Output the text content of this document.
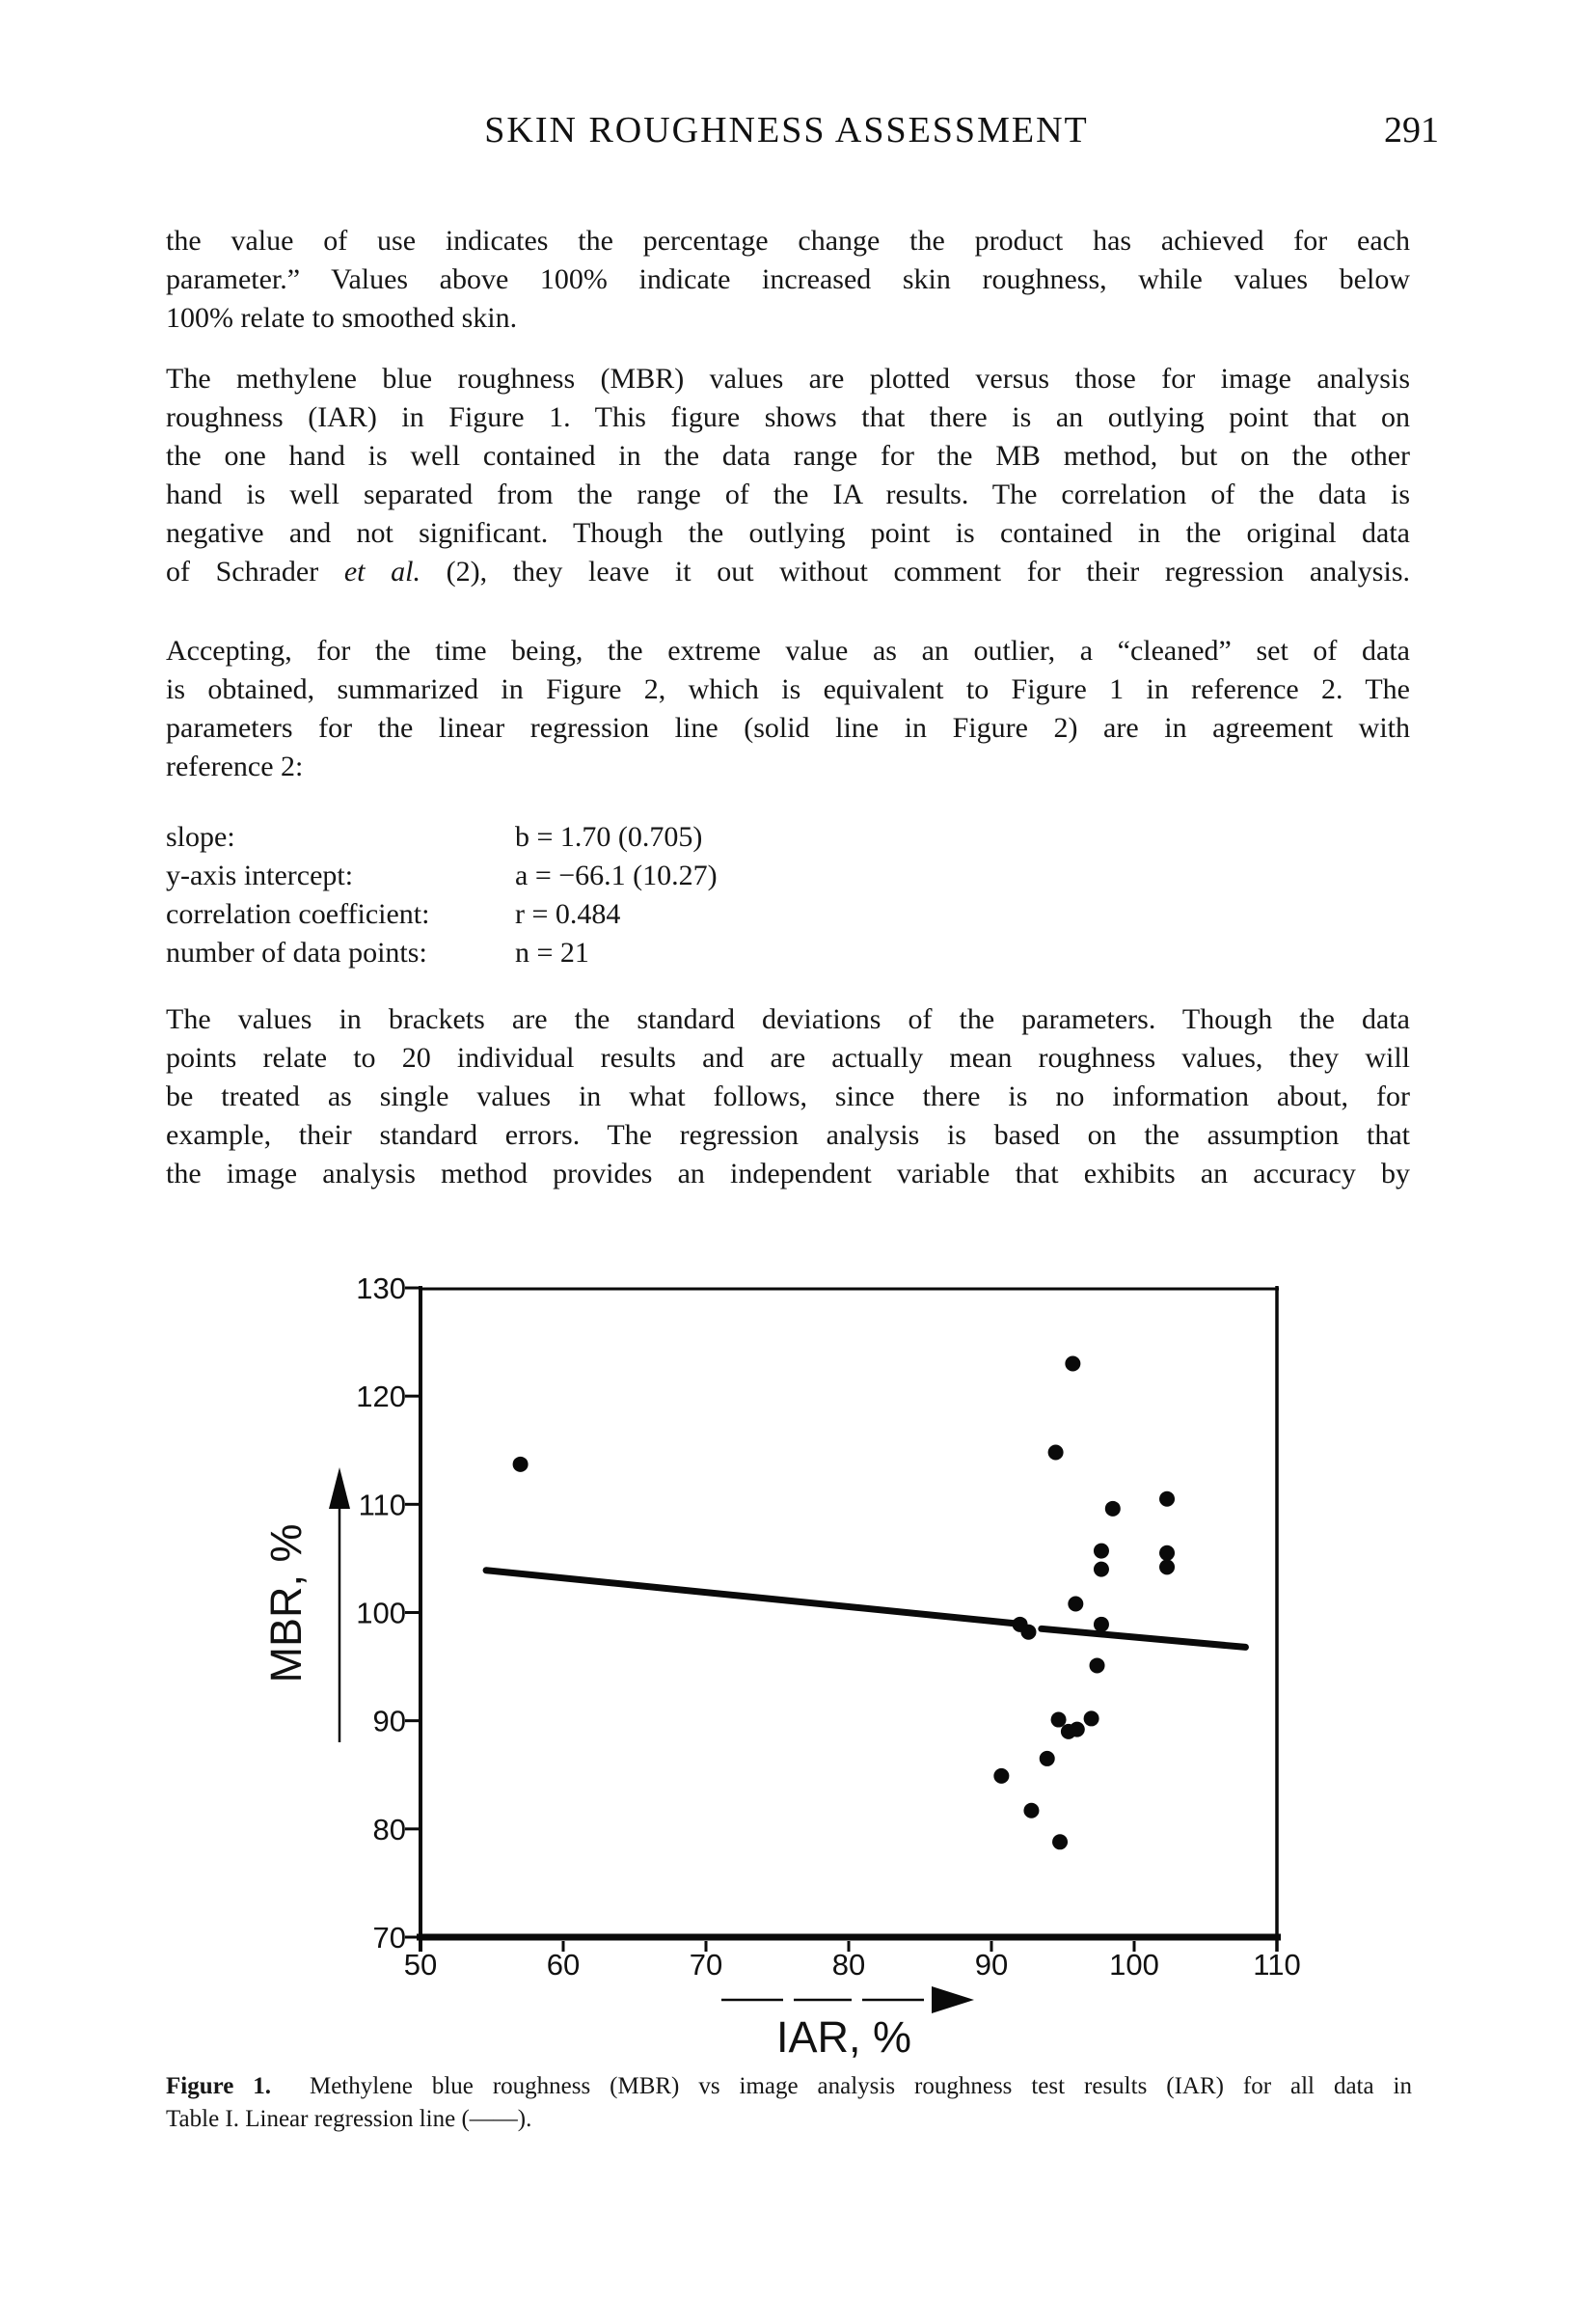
SKIN ROUGHNESS ASSESSMENT	291
the value of use indicates the percentage change the product has achieved for each
parameter.” Values above 100% indicate increased skin roughness, while values below
100% relate to smoothed skin.
The methylene blue roughness (MBR) values are plotted versus those for image analysis
roughness (IAR) in Figure 1. This figure shows that there is an outlying point that on
the one hand is well contained in the data range for the MB method, but on the other
hand is well separated from the range of the IA results. The correlation of the data is
negative and not significant. Though the outlying point is contained in the original data
of Schrader et al. (2), they leave it out without comment for their regression analysis.
Accepting, for the time being, the extreme value as an outlier, a “cleaned” set of data
is obtained, summarized in Figure 2, which is equivalent to Figure 1 in reference 2. The
parameters for the linear regression line (solid line in Figure 2) are in agreement with
reference 2:
slope:	b = 1.70 (0.705)
y-axis intercept:	a = −66.1 (10.27)
correlation coefficient:	r = 0.484
number of data points:	n = 21
The values in brackets are the standard deviations of the parameters. Though the data
points relate to 20 individual results and are actually mean roughness values, they will
be treated as single values in what follows, since there is no information about, for
example, their standard errors. The regression analysis is based on the assumption that
the image analysis method provides an independent variable that exhibits an accuracy by
70
80
90
100
110
120
130
50	60	70	80	90	100	110
MBR, %
IAR, %
Figure 1. Methylene blue roughness (MBR) vs image analysis roughness test results (IAR) for all data in
Table I. Linear regression line (——).
